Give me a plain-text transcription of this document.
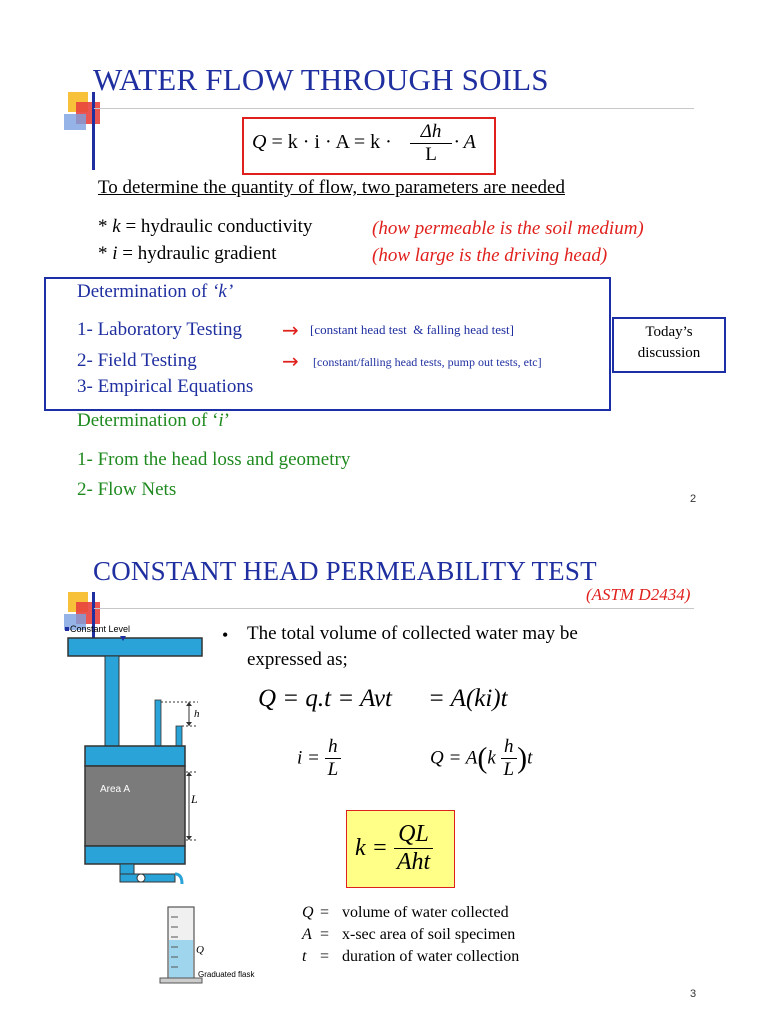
WATER FLOW THROUGH SOILS
Q = k · i · A = k ·	Δh
L
· A
To determine the quantity of flow, two parameters are needed
* k = hydraulic conductivity	(how permeable is the soil medium)
* i = hydraulic gradient	(how large is the driving head)
Determination of ‘k’
1- Laboratory Testing → [constant head test  & falling head test]
2- Field Testing	→ [constant/falling head tests, pump out tests, etc]
3- Empirical Equations
Today’s
discussion
Determination of ‘i’
1- From the head loss and geometry
2- Flow Nets	2
CONSTANT HEAD PERMEABILITY TEST
(ASTM D2434)
Constant Level
h
Area A
L
Q
Graduated flask
• The total volume of collected water may be
expressed as;
Q = q.t = Avt = A(ki)t
$i = \frac{h}{L}$	$Q = A(k \frac{h}{L} )t$
$k = \frac{QL}{\text{Aht}}$
Q = volume of water collected
A = x-sec area of soil specimen
t = duration of water collection
3
